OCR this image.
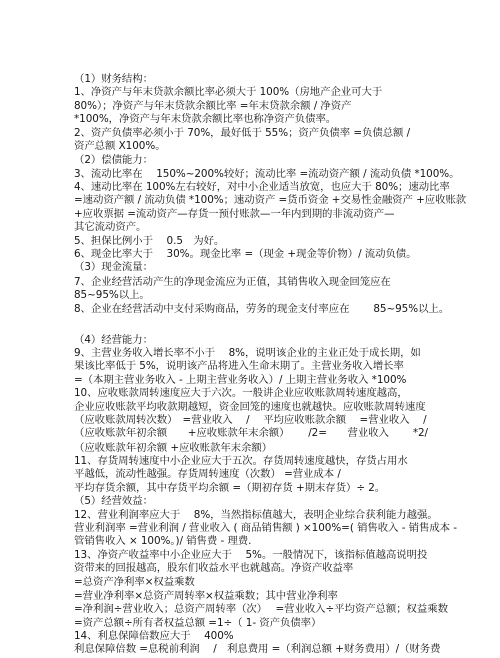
（1）财务结构：
1、净资产与年末贷款余额比率必须大于 100%（房地产企业可大于
80%）；净资产与年末贷款余额比率 =年末贷款余额 / 净资产
*100%，净资产与年末贷款余额比率也称净资产负债率。
2、资产负债率必须小于 70%，最好低于 55%；资产负债率 =负债总额 /
资产总额 X100%。
（2）偿债能力：
3、流动比率在　 150%~200%较好；流动比率 =流动资产额 / 流动负债 *100%。
4、速动比率在 100%左右较好，对中小企业适当放宽，也应大于 80%；速动比率
=速动资产额 / 流动负债 *100%；速动资产 =货币资金 +交易性金融资产 +应收账款
+应收票据 =流动资产—存货一预付账款—一年内到期的非流动资产—
其它流动资产。
5、担保比例小于　 0.5　为好。
6、现金比率大于　 30%。现金比率 =（现金 +现金等价物）/ 流动负债。
（3）现金流量：
7、企业经营活动产生的净现金流应为正值，其销售收入现金回笼应在
85~95%以上。
8、企业在经营活动中支付采购商品，劳务的现金支付率应在　　 85~95%以上。
（4）经营能力：
9、主营业务收入增长率不小于　 8%，说明该企业的主业正处于成长期，如
果该比率低于 5%，说明该产品将进入生命末期了。主营业务收入增长率
=（本期主营业务收入 - 上期主营业务收入）/ 上期主营业务收入 *100%
10、应收账款周转速度应大于六次。一般讲企业应收账款周转速度越高，
企业应收账款平均收款期越短，资金回笼的速度也就越快。应收账款周转速度
（应收账款周转次数）　=营业收入　 / 　平均应收账款余额　 =营业收入　 /
（应收账款年初余额　　+应收账款年末余额）　　 /2=　　营业收入　　 *2/
（应收账款年初余额 +应收账款年末余额）
11、存货周转速度中小企业应大于五次。存货周转速度越快，存货占用水
平越低，流动性越强。存货周转速度（次数） =营业成本 /
平均存货余额，其中存货平均余额 =（期初存货 +期末存货）÷ 2。
（5）经营效益：
12、营业利润率应大于　 8%，当然指标值越大，表明企业综合获利能力越强。
营业利润率 =营业利润 / 营业收入 ( 商品销售额 ) ×100%=( 销售收入 - 销售成本 -
管销售收入 × 100%。)/ 销售费 - 理费.
13、净资产收益率中小企业应大于　 5%。一般情况下，该指标值越高说明投
资带来的回报越高，股东们收益水平也就越高。净资产收益率
=总资产净利率×权益乘数
=营业净利率×总资产周转率×权益乘数；其中营业净利率
=净利润÷营业收入；总资产周转率（次）　 =营业收入÷平均资产总额；权益乘数
=资产总额÷所有者权益总额 =1÷（ 1- 资产负债率）
14、利息保障倍数应大于　 400%
利息保障倍数 =息税前利润　 /　利息费用 =（利润总额 +财务费用）/（财务费
